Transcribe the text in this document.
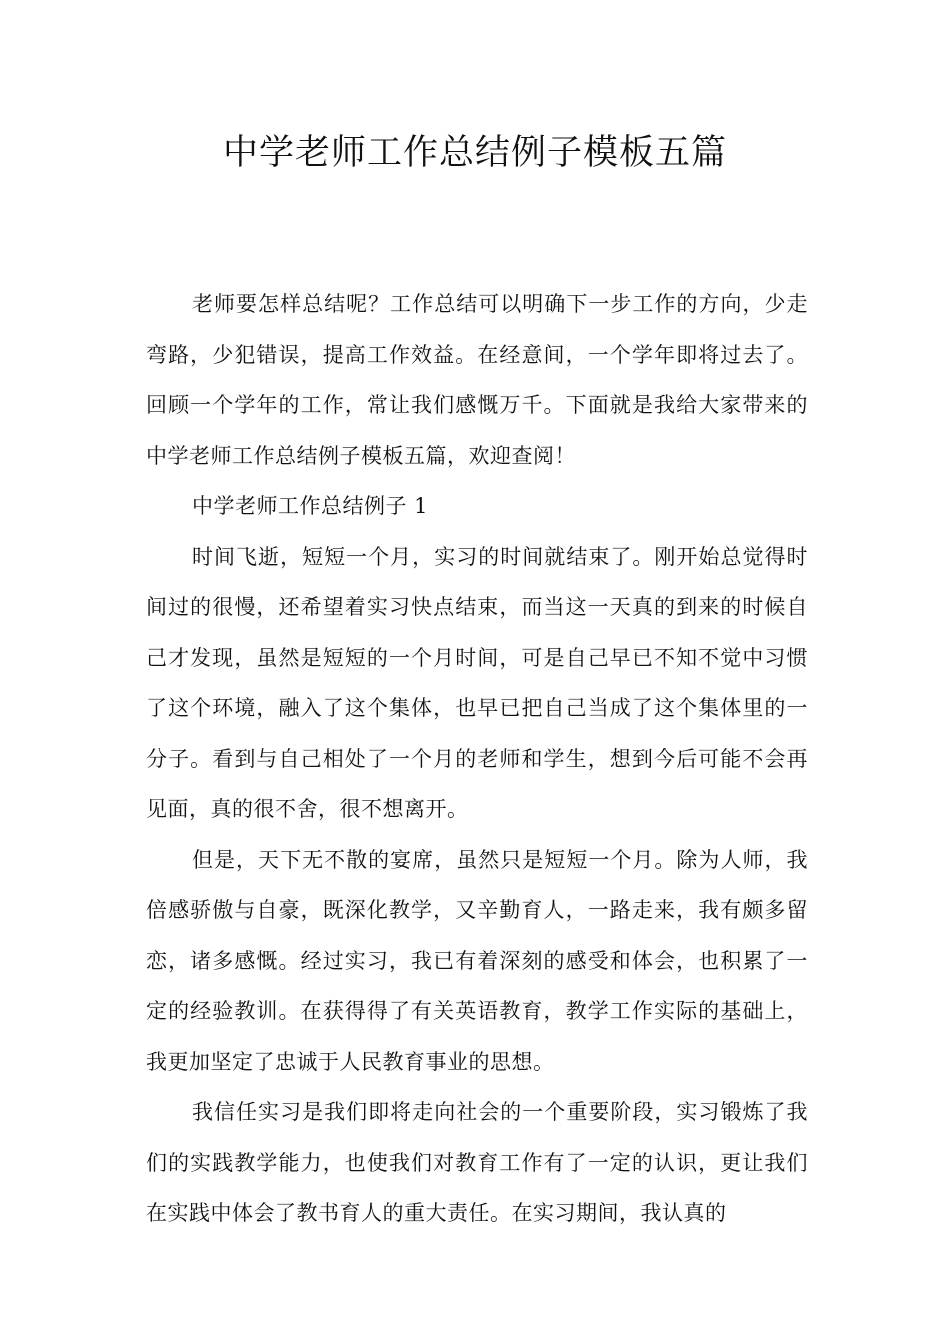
中学老师工作总结例子模板五篇

老师要怎样总结呢？工作总结可以明确下一步工作的方向，少走弯路，少犯错误，提高工作效益。在经意间，一个学年即将过去了。回顾一个学年的工作，常让我们感慨万千。下面就是我给大家带来的中学老师工作总结例子模板五篇，欢迎查阅！

中学老师工作总结例子 1

时间飞逝，短短一个月，实习的时间就结束了。刚开始总觉得时间过的很慢，还希望着实习快点结束，而当这一天真的到来的时候自己才发现，虽然是短短的一个月时间，可是自己早已不知不觉中习惯了这个环境，融入了这个集体，也早已把自己当成了这个集体里的一分子。看到与自己相处了一个月的老师和学生，想到今后可能不会再见面，真的很不舍，很不想离开。

但是，天下无不散的宴席，虽然只是短短一个月。除为人师，我倍感骄傲与自豪，既深化教学，又辛勤育人，一路走来，我有颇多留恋，诸多感慨。经过实习，我已有着深刻的感受和体会，也积累了一定的经验教训。在获得得了有关英语教育，教学工作实际的基础上，我更加坚定了忠诚于人民教育事业的思想。

我信任实习是我们即将走向社会的一个重要阶段，实习锻炼了我们的实践教学能力，也使我们对教育工作有了一定的认识，更让我们在实践中体会了教书育人的重大责任。在实习期间，我认真的
